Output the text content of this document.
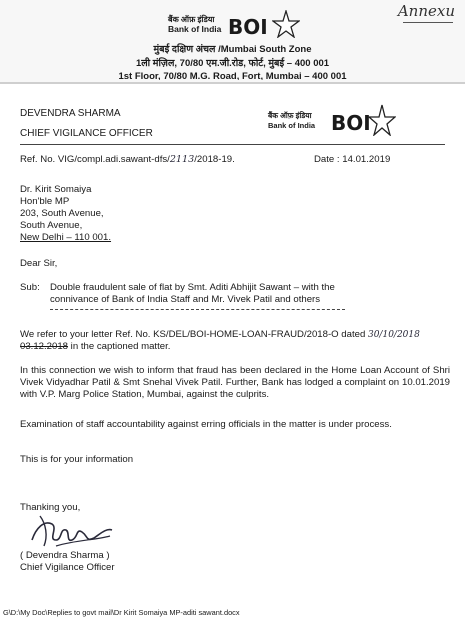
Annexu
बैंक ऑफ़ इंडिया
Bank of India BOI
मुंबई दक्षिण अंचल /Mumbai South Zone
1ली मंज़िल, 70/80 एम.जी.रोड, फोर्ट, मुंबई – 400 001
1st Floor, 70/80 M.G. Road, Fort, Mumbai – 400 001
DEVENDRA SHARMA
CHIEF VIGILANCE OFFICER
बैंक ऑफ़ इंडिया
Bank of India BOI
Ref. No. VIG/compl.adi.sawant-dfs/2113/2018-19.	Date : 14.01.2019
Dr. Kirit Somaiya
Hon'ble MP
203, South Avenue,
South Avenue,
New Delhi – 110 001.
Dear Sir,
Sub: Double fraudulent sale of flat by Smt. Aditi Abhijit Sawant – with the
connivance of Bank of India Staff and Mr. Vivek Patil and others
We refer to your letter Ref. No. KS/DEL/BOI-HOME-LOAN-FRAUD/2018-O dated 30/10/2018
03.12.2018 in the captioned matter.
In this connection we wish to inform that fraud has been declared in the Home Loan Account of Shri Vivek Vidyadhar Patil & Smt Snehal Vivek Patil. Further, Bank has lodged a complaint on 10.01.2019 with V.P. Marg Police Station, Mumbai, against the culprits.
Examination of staff accountability against erring officials in the matter is under process.
This is for your information
Thanking you,
( Devendra Sharma )
Chief Vigilance Officer
G\D:\My Doc\Replies to govt mail\Dr Kirit Somaiya MP-aditi sawant.docx
